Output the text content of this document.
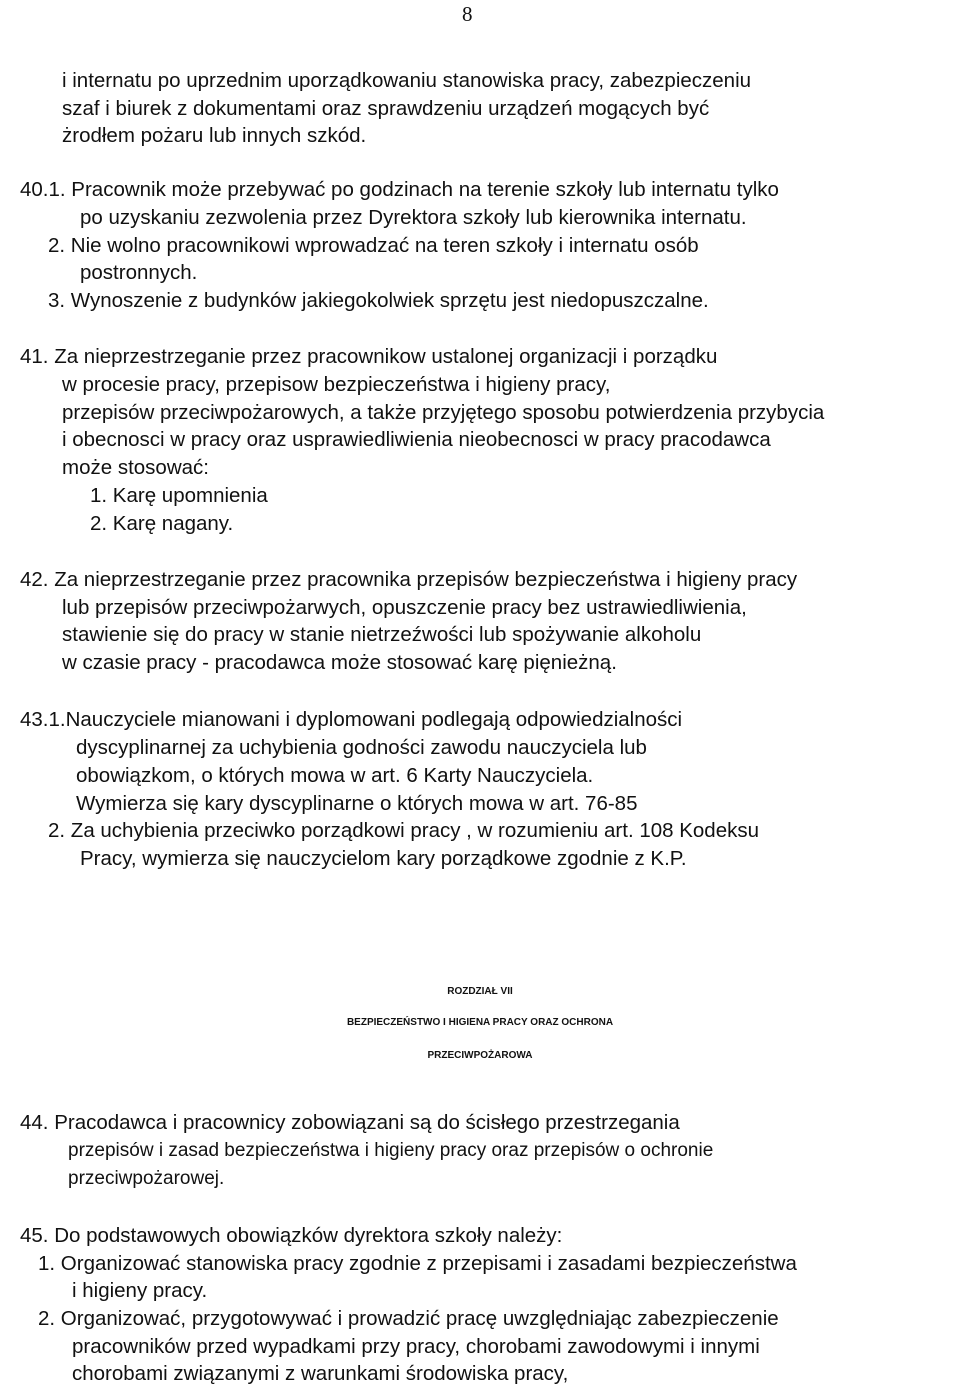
8
i internatu po uprzednim uporządkowaniu stanowiska pracy, zabezpieczeniu
szaf i biurek z dokumentami oraz sprawdzeniu urządzeń mogących być
żrodłem pożaru lub innych szkód.
40.1. Pracownik może przebywać po godzinach na terenie szkoły lub internatu tylko
po uzyskaniu zezwolenia przez Dyrektora szkoły lub kierownika internatu.
2. Nie wolno pracownikowi wprowadzać na teren szkoły i internatu osób
postronnych.
3. Wynoszenie z budynków jakiegokolwiek sprzętu jest niedopuszczalne.
41. Za nieprzestrzeganie przez pracownikow ustalonej organizacji i porządku
w procesie pracy, przepisow bezpieczeństwa i higieny pracy,
przepisów przeciwpożarowych, a także przyjętego sposobu potwierdzenia przybycia
i obecnosci w pracy oraz usprawiedliwienia nieobecnosci w pracy pracodawca
może stosować:
1. Karę upomnienia
2. Karę nagany.
42. Za nieprzestrzeganie przez pracownika przepisów bezpieczeństwa i higieny pracy
lub przepisów przeciwpożarwych, opuszczenie pracy bez ustrawiedliwienia,
stawienie się do pracy w stanie nietrzeźwości lub spożywanie alkoholu
w czasie pracy - pracodawca może stosować karę pięnieżną.
43.1.Nauczyciele mianowani i dyplomowani podlegają odpowiedzialności
dyscyplinarnej za uchybienia godności zawodu nauczyciela lub
obowiązkom, o których mowa w art. 6 Karty Nauczyciela.
Wymierza się kary dyscyplinarne o których mowa w art. 76-85
2. Za uchybienia przeciwko porządkowi pracy , w rozumieniu art. 108 Kodeksu
Pracy, wymierza się nauczycielom kary porządkowe zgodnie z K.P.
ROZDZIAŁ VII
BEZPIECZEŃSTWO I HIGIENA PRACY ORAZ OCHRONA
PRZECIWPOŻAROWA
44. Pracodawca i pracownicy zobowiązani są do ścisłego przestrzegania
przepisów i zasad bezpieczeństwa i higieny pracy oraz przepisów o ochronie
przeciwpożarowej.
45. Do podstawowych obowiązków dyrektora szkoły należy:
1. Organizować stanowiska pracy zgodnie z przepisami i zasadami bezpieczeństwa
i higieny pracy.
2. Organizować, przygotowywać i prowadzić pracę uwzględniając zabezpieczenie
pracowników przed wypadkami przy pracy, chorobami zawodowymi i innymi
chorobami związanymi z warunkami środowiska pracy,
